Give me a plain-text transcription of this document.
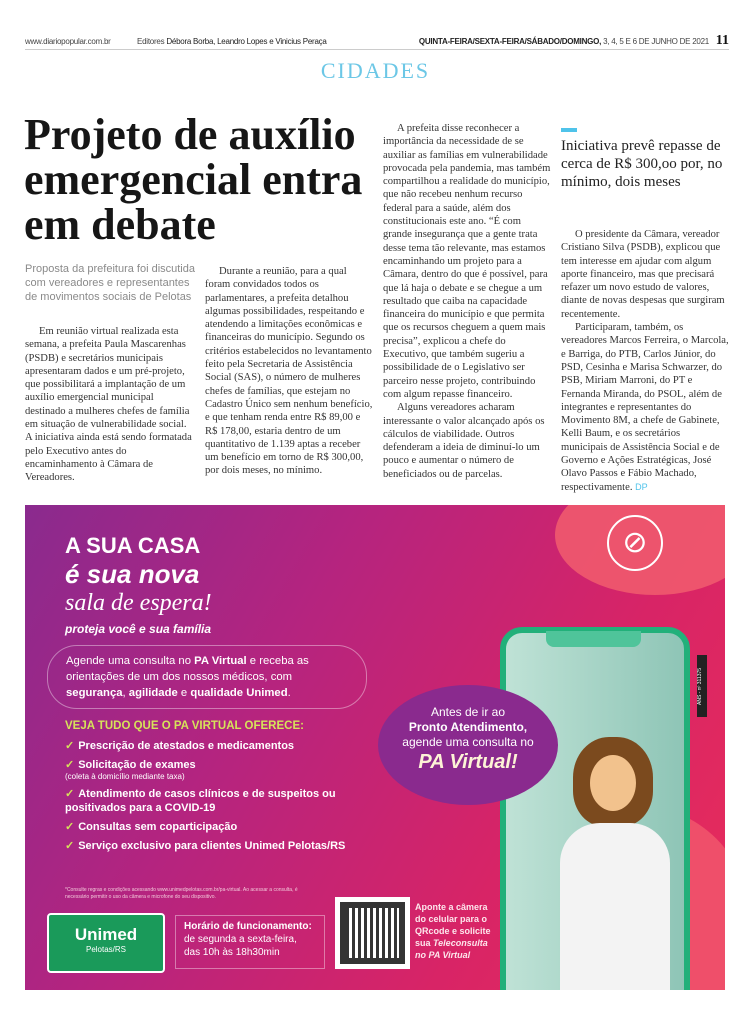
www.diariopopular.com.br	Editores Débora Borba, Leandro Lopes e Vinicius Peraça	QUINTA-FEIRA/SEXTA-FEIRA/SÁBADO/DOMINGO, 3, 4, 5 E 6 DE JUNHO DE 2021 11
CIDADES
Projeto de auxílio emergencial entra em debate
Proposta da prefeitura foi discutida com vereadores e representantes de movimentos sociais de Pelotas

Em reunião virtual realizada esta semana, a prefeita Paula Mascarenhas (PSDB) e secretários municipais apresentaram dados e um pré-projeto, que possibilitará a implantação de um auxílio emergencial municipal destinado a mulheres chefes de família em situação de vulnerabilidade social. A iniciativa ainda está sendo formatada pelo Executivo antes do encaminhamento à Câmara de Vereadores.

Durante a reunião, para a qual foram convidados todos os parlamentares, a prefeita detalhou algumas possibilidades, respeitando e atendendo a limitações econômicas e financeiras do município. Segundo os critérios estabelecidos no levantamento feito pela Secretaria de Assistência Social (SAS), o número de mulheres chefes de famílias, que estejam no Cadastro Único sem nenhum benefício, e que tenham renda entre R$ 89,00 e R$ 178,00, estaria dentro de um quantitativo de 1.139 aptas a receber um benefício em torno de R$ 300,00, por dois meses, no mínimo.

A prefeita disse reconhecer a importância da necessidade de se auxiliar as famílias em vulnerabilidade provocada pela pandemia, mas também compartilhou a realidade do município, que não recebeu nenhum recurso federal para a saúde, além dos constitucionais este ano. “É com grande insegurança que a gente trata desse tema tão relevante, mas estamos encaminhando um projeto para a Câmara, dentro do que é possível, para que lá haja o debate e se chegue a um resultado que caiba na capacidade financeira do município e que permita que os recursos cheguem a quem mais precisa”, explicou a chefe do Executivo, que também sugeriu a possibilidade de o Legislativo ser parceiro nesse projeto, contribuindo com algum repasse financeiro.

Alguns vereadores acharam interessante o valor alcançado após os cálculos de viabilidade. Outros defenderam a ideia de diminuí-lo um pouco e aumentar o número de beneficiados ou de parcelas.

Iniciativa prevê repasse de cerca de R$ 300,oo por, no mínimo, dois meses

O presidente da Câmara, vereador Cristiano Silva (PSDB), explicou que tem interesse em ajudar com algum aporte financeiro, mas que precisará refazer um novo estudo de valores, diante de novas despesas que surgiram recentemente.

Participaram, também, os vereadores Marcos Ferreira, o Marcola, e Barriga, do PTB, Carlos Júnior, do PSD, Cesinha e Marisa Schwarzer, do PSB, Miriam Marroni, do PT e Fernanda Miranda, do PSOL, além de integrantes e representantes do Movimento 8M, a chefe de Gabinete, Kelli Baum, e os secretários municipais de Assistência Social e de Governo e Ações Estratégicas, José Olavo Passos e Fábio Machado, respectivamente. DP

⊘
A SUA CASA
é sua nova
sala de espera!
proteja você e sua família
Agende uma consulta no PA Virtual e receba as orientações de um dos nossos médicos, com segurança, agilidade e qualidade Unimed.
VEJA TUDO QUE O PA VIRTUAL OFERECE:
✓ Prescrição de atestados e medicamentos
✓ Solicitação de exames
(coleta à domicílio mediante taxa)
✓ Atendimento de casos clínicos e de suspeitos ou positivados para a COVID-19
✓ Consultas sem coparticipação
✓ Serviço exclusivo para clientes Unimed Pelotas/RS
*Consulte regras e condições acessando www.unimedpelotas.com.br/pa-virtual. Ao acessar a consulta, é necessário permitir o uso da câmera e microfone do seu dispositivo.
Unimed
Pelotas/RS
Horário de funcionamento:
de segunda a sexta-feira,
das 10h às 18h30min
Aponte a câmera do celular para o QRcode e solicite sua Teleconsulta no PA Virtual
ANS - nº 311375
Antes de ir ao
Pronto Atendimento,
agende uma consulta no
PA Virtual!
